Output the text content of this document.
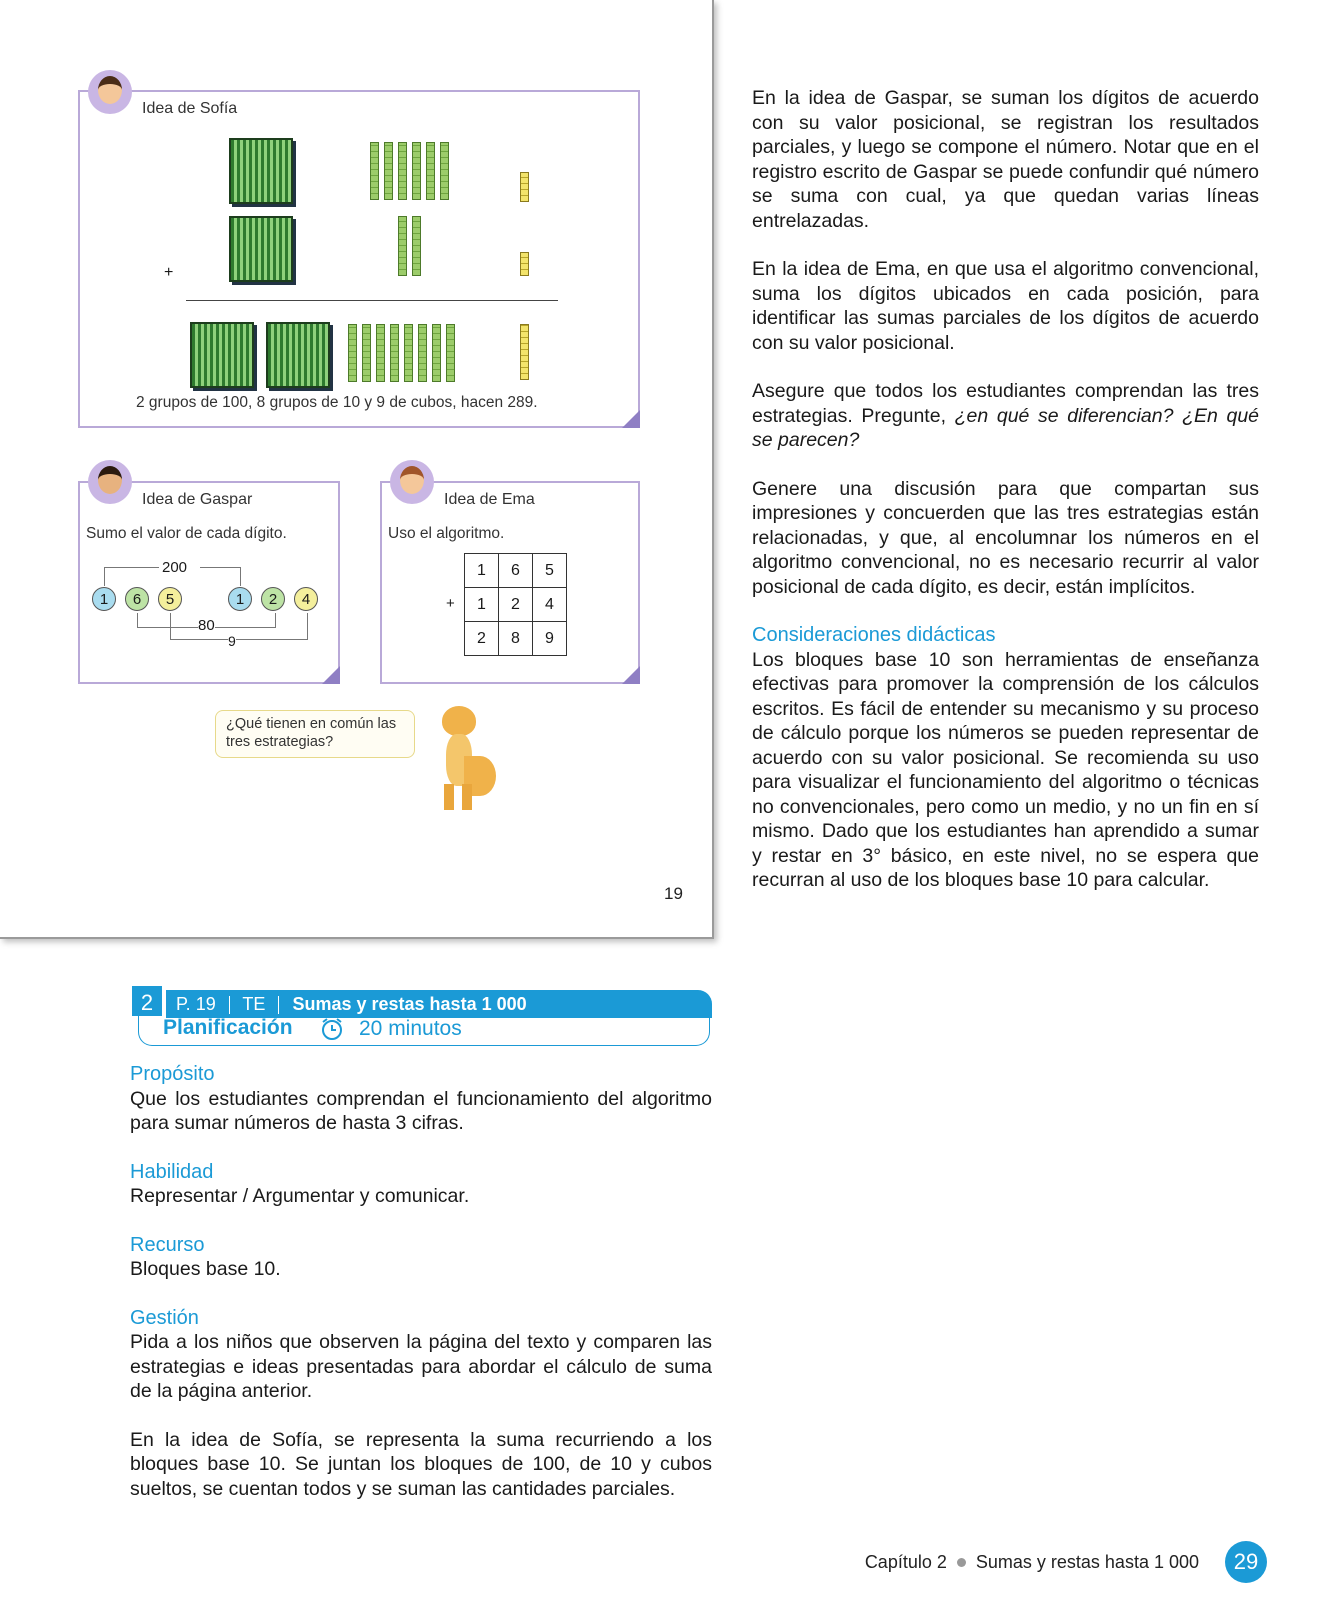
Idea de Sofía
+
2 grupos de 100, 8 grupos de 10 y 9 de cubos, hacen 289.
Idea de Gaspar
Sumo el valor de cada dígito.
200
1	6	5	1	2	4
80
9
Idea de Ema
Uso el algoritmo.
+
1	6	5
1	2	4
2	8	9
¿Qué tienen en común las tres estrategias?
19

En la idea de Gaspar, se suman los dígitos de acuerdo con su valor posicional, se registran los resultados parciales, y luego se compone el número. Notar que en el registro escrito de Gaspar se puede confundir qué número se suma con cual, ya que quedan varias líneas entrelazadas.

En la idea de Ema, en que usa el algoritmo convencional, suma los dígitos ubicados en cada posición, para identificar las sumas parciales de los dígitos de acuerdo con su valor posicional.

Asegure que todos los estudiantes comprendan las tres estrategias. Pregunte, ¿en qué se diferencian? ¿En qué se parecen?

Genere una discusión para que compartan sus impresiones y concuerden que las tres estrategias están relacionadas, y que, al encolumnar los números en el algoritmo convencional, no es necesario recurrir al valor posicional de cada dígito, es decir, están implícitos.

Consideraciones didácticas

Los bloques base 10 son herramientas de enseñanza efectivas para promover la comprensión de los cálculos escritos. Es fácil de entender su mecanismo y su proceso de cálculo porque los números se pueden representar de acuerdo con su valor posicional. Se recomienda su uso para visualizar el funcionamiento del algoritmo o técnicas no convencionales, pero como un medio, y no un fin en sí mismo. Dado que los estudiantes han aprendido a sumar y restar en 3° básico, en este nivel, no se espera que recurran al uso de los bloques base 10 para calcular.

P. 19 TE Sumas y restas hasta 1 000
2
Planificación	20 minutos
Propósito

Que los estudiantes comprendan el funcionamiento del algoritmo para sumar números de hasta 3 cifras.

Habilidad

Representar / Argumentar y comunicar.

Recurso

Bloques base 10.

Gestión

Pida a los niños que observen la página del texto y comparen las estrategias e ideas presentadas para abordar el cálculo de suma de la página anterior.

En la idea de Sofía, se representa la suma recurriendo a los bloques base 10. Se juntan los bloques de 100, de 10 y cubos sueltos, se cuentan todos y se suman las cantidades parciales.

Capítulo 2 Sumas y restas hasta 1 000	29
